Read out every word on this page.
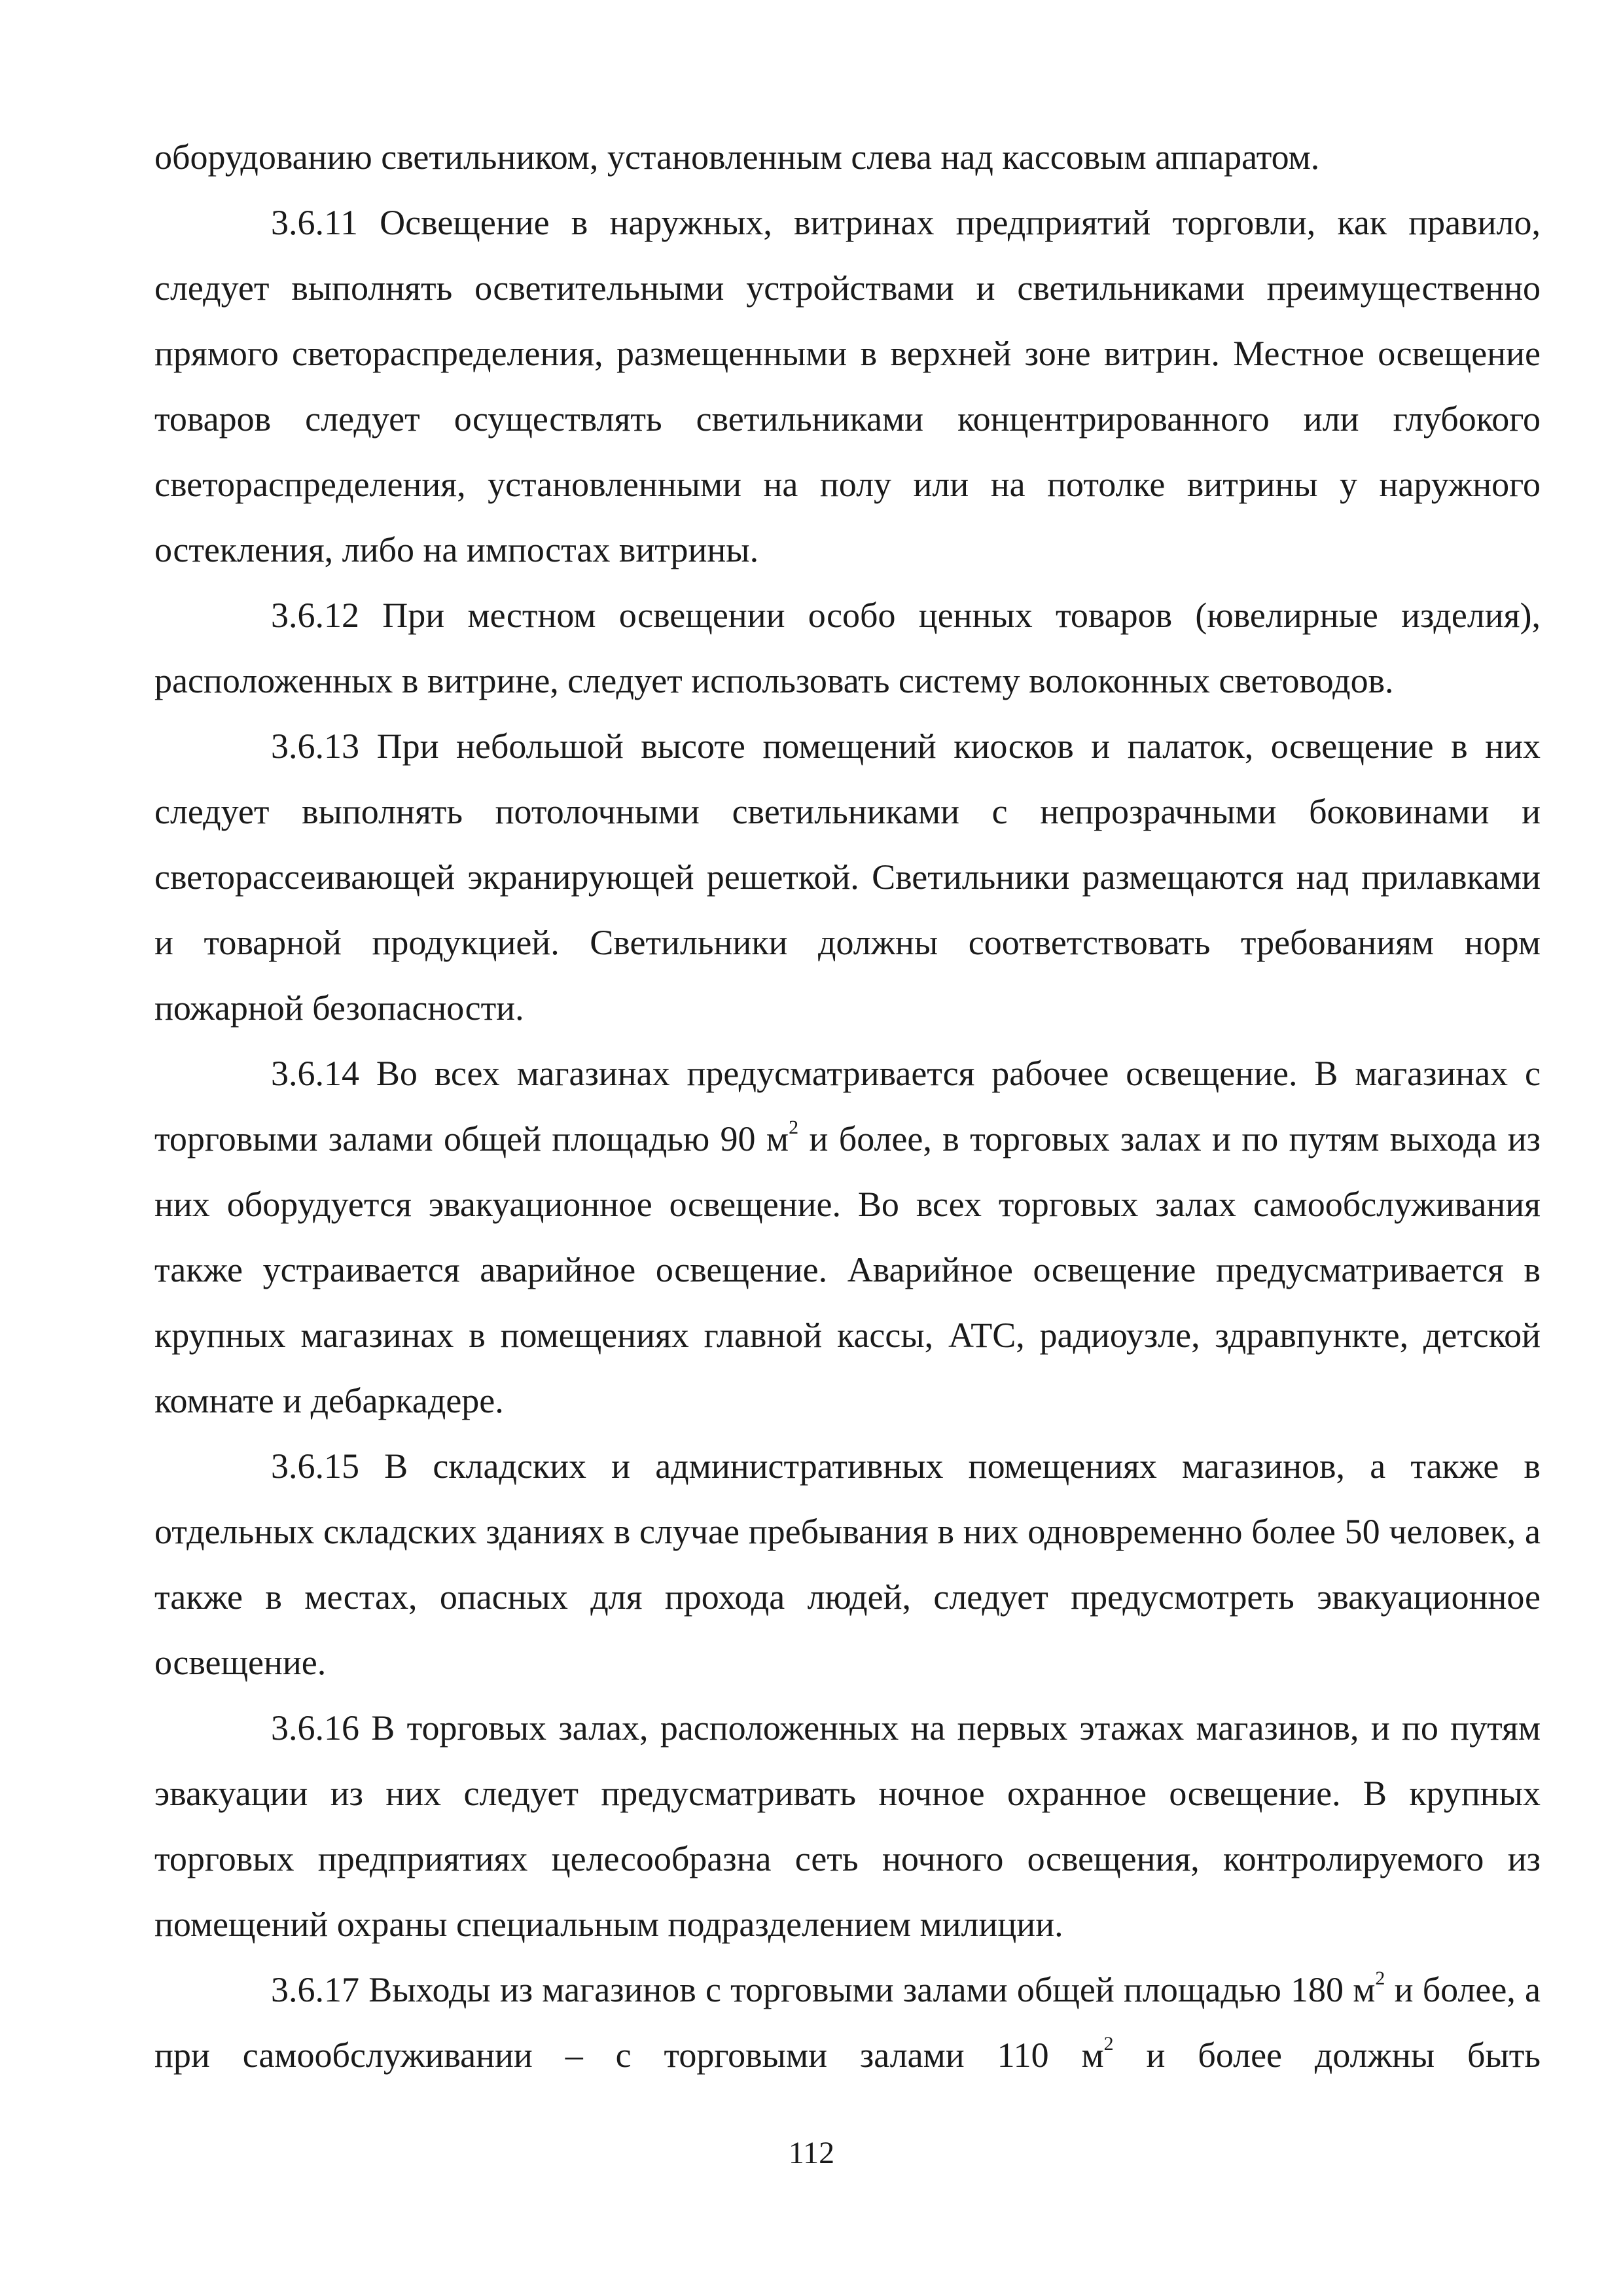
оборудованию светильником, установленным слева над кассовым аппаратом.

3.6.11 Освещение в наружных, витринах предприятий торговли, как правило, следует выполнять осветительными устройствами и светильниками преимущественно прямого светораспределения, размещенными в верхней зоне витрин. Местное освещение товаров следует осуществлять светильниками концентрированного или глубокого светораспределения, установленными на полу или на потолке витрины у наружного остекления, либо на импостах витрины.

3.6.12 При местном освещении особо ценных товаров (ювелирные изделия), расположенных в витрине, следует использовать систему волоконных световодов.

3.6.13 При небольшой высоте помещений киосков и палаток, освещение в них следует выполнять потолочными светильниками с непрозрачными боковинами и светорассеивающей экранирующей решеткой. Светильники размещаются над прилавками и товарной продукцией. Светильники должны соответствовать требованиям норм пожарной безопасности.

3.6.14 Во всех магазинах предусматривается рабочее освещение. В магазинах с торговыми залами общей площадью 90 $м^2$ и более, в торговых залах и по путям выхода из них оборудуется эвакуационное освещение. Во всех торговых залах самообслуживания также устраивается аварийное освещение. Аварийное освещение предусматривается в крупных магазинах в помещениях главной кассы, АТС, радиоузле, здравпункте, детской комнате и дебаркадере.

3.6.15 В складских и административных помещениях магазинов, а также в отдельных складских зданиях в случае пребывания в них одновременно более 50 человек, а также в местах, опасных для прохода людей, следует предусмотреть эвакуационное освещение.

3.6.16 В торговых залах, расположенных на первых этажах магазинов, и по путям эвакуации из них следует предусматривать ночное охранное освещение. В крупных торговых предприятиях целесообразна сеть ночного освещения, контролируемого из помещений охраны специальным подразделением милиции.

3.6.17 Выходы из магазинов с торговыми залами общей площадью 180 $м^2$ и более, а при самообслуживании – с торговыми залами 110 $м^2$ и более должны быть

112
